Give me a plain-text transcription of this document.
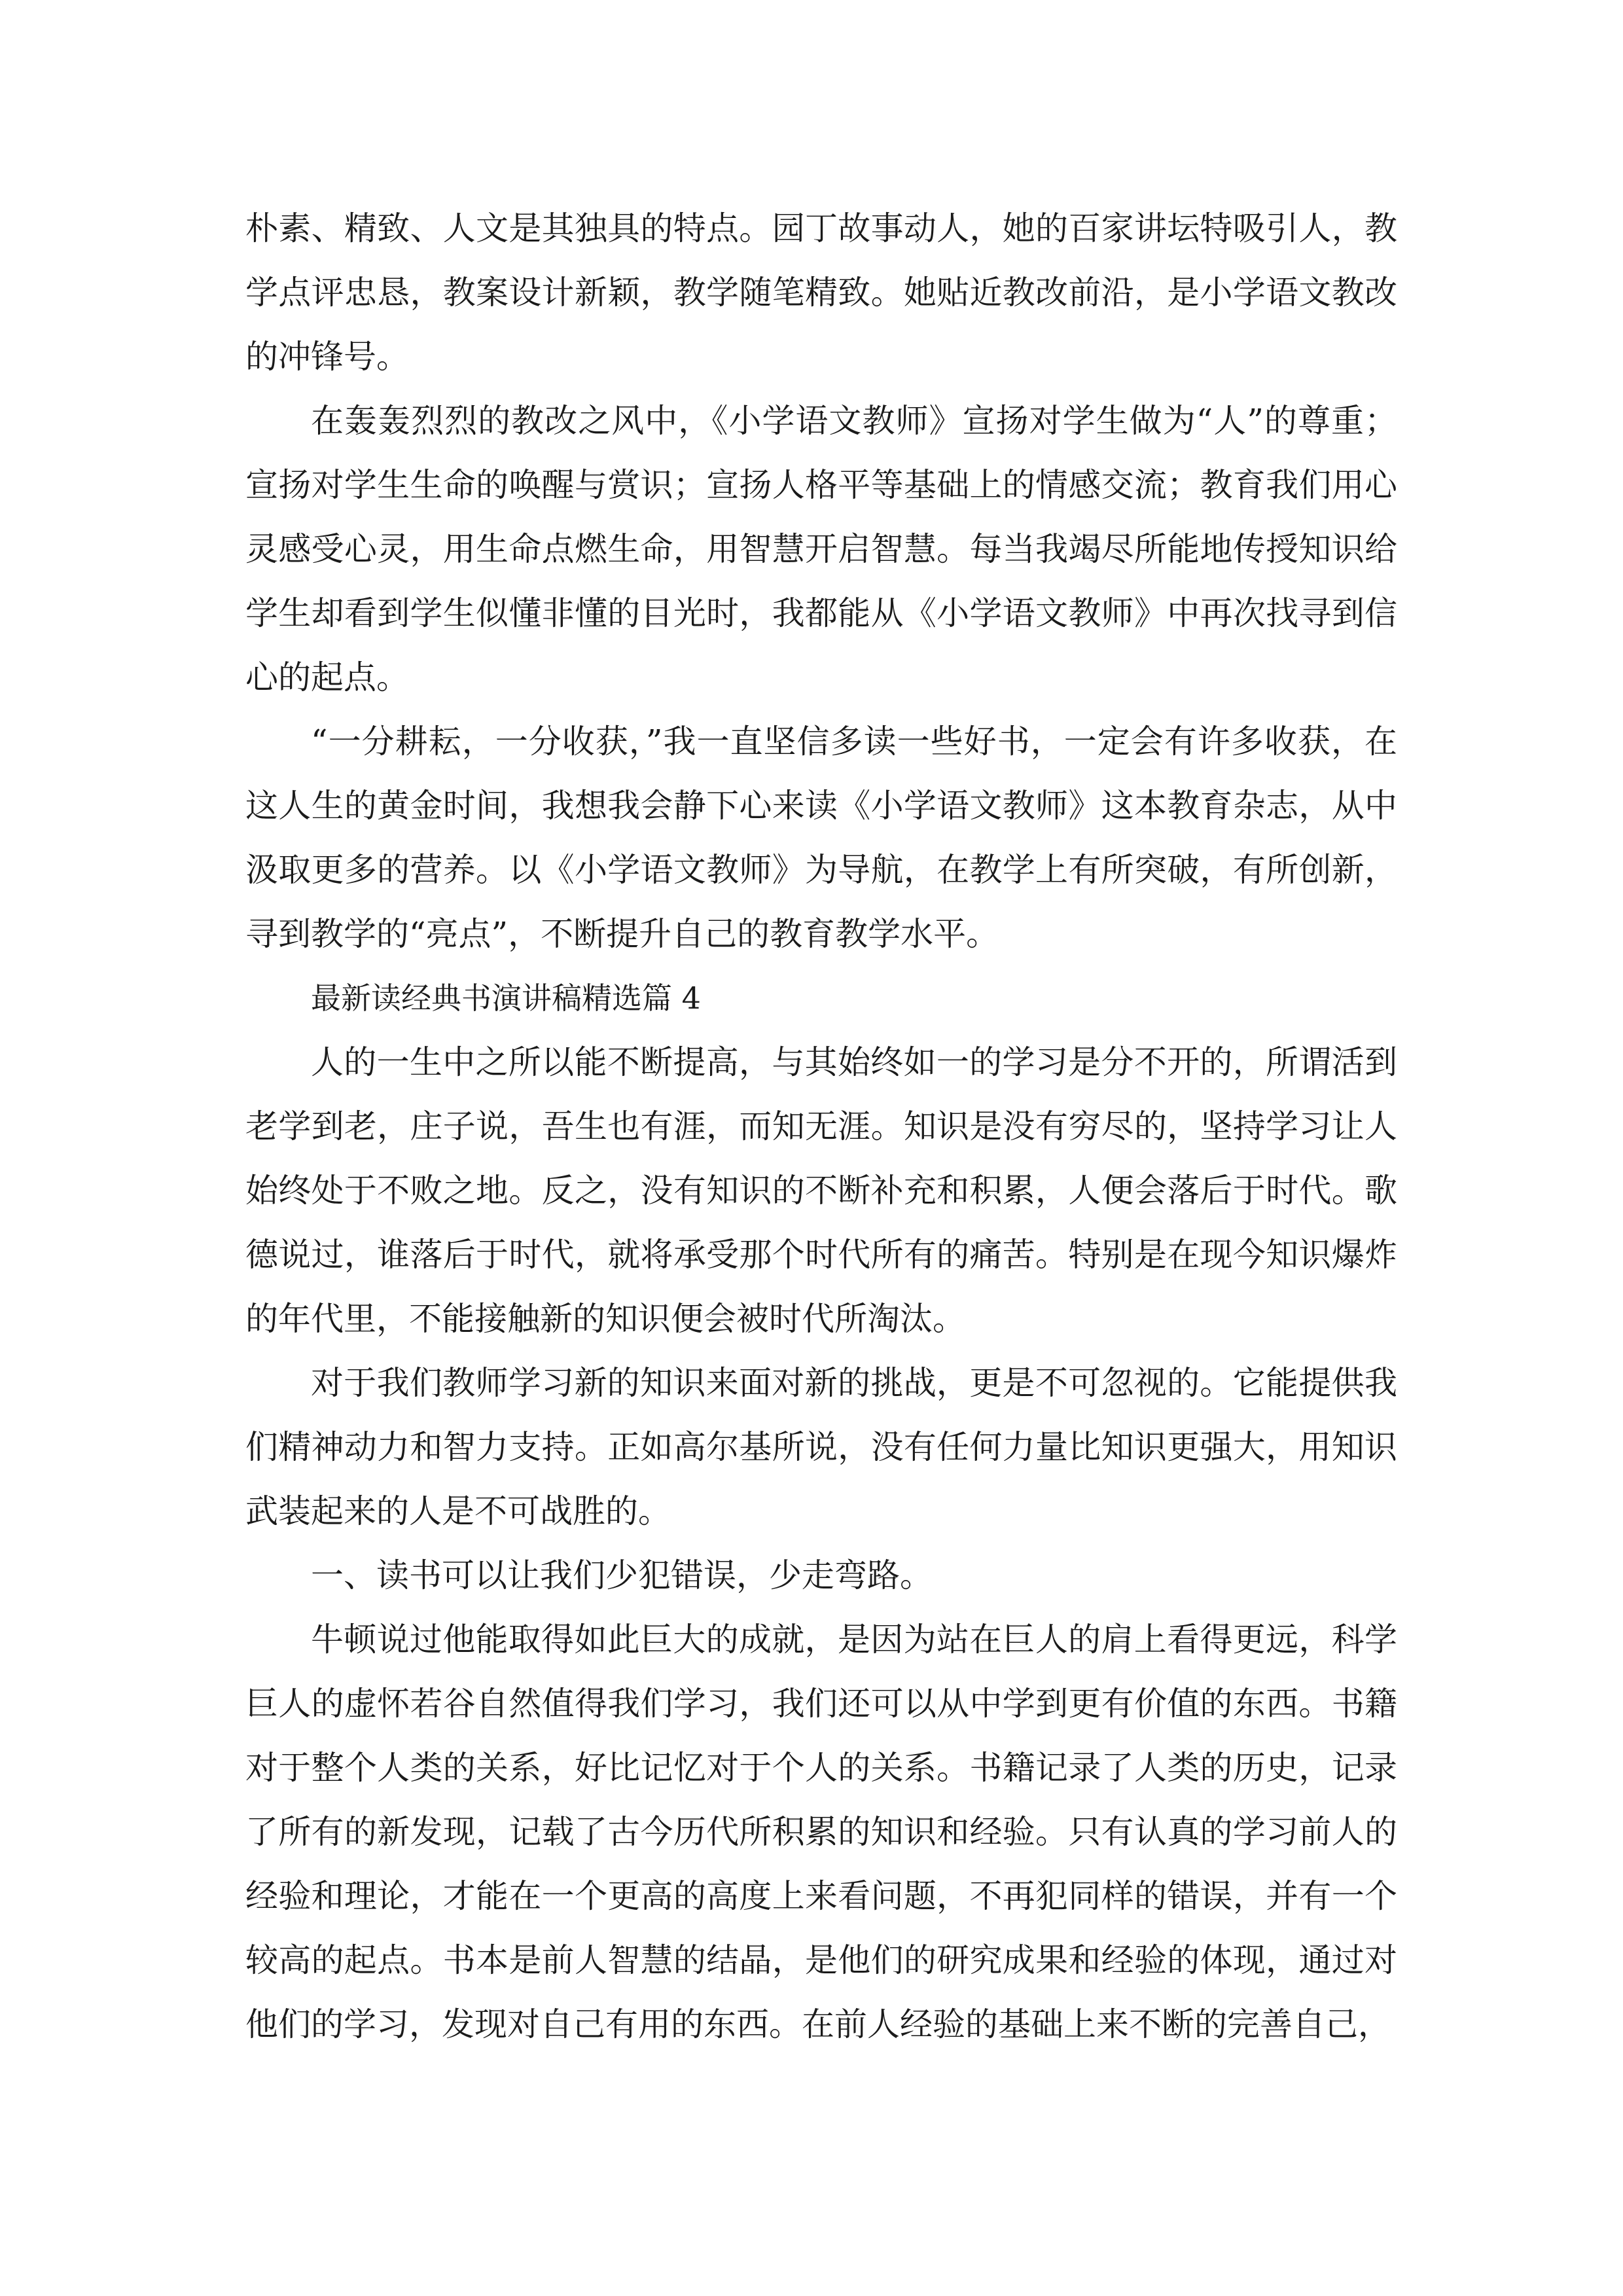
朴素、精致、人文是其独具的特点。园丁故事动人，她的百家讲坛特吸引人，教学点评忠恳，教案设计新颖，教学随笔精致。她贴近教改前沿，是小学语文教改的冲锋号。

在轰轰烈烈的教改之风中，《小学语文教师》宣扬对学生做为“人”的尊重；宣扬对学生生命的唤醒与赏识；宣扬人格平等基础上的情感交流；教育我们用心灵感受心灵，用生命点燃生命，用智慧开启智慧。每当我竭尽所能地传授知识给学生却看到学生似懂非懂的目光时，我都能从《小学语文教师》中再次找寻到信心的起点。

“一分耕耘，一分收获，”我一直坚信多读一些好书，一定会有许多收获，在这人生的黄金时间，我想我会静下心来读《小学语文教师》这本教育杂志，从中汲取更多的营养。以《小学语文教师》为导航，在教学上有所突破，有所创新，寻到教学的“亮点”，不断提升自己的教育教学水平。

最新读经典书演讲稿精选篇 4

人的一生中之所以能不断提高，与其始终如一的学习是分不开的，所谓活到老学到老，庄子说，吾生也有涯，而知无涯。知识是没有穷尽的，坚持学习让人始终处于不败之地。反之，没有知识的不断补充和积累，人便会落后于时代。歌德说过，谁落后于时代，就将承受那个时代所有的痛苦。特别是在现今知识爆炸的年代里，不能接触新的知识便会被时代所淘汰。

对于我们教师学习新的知识来面对新的挑战，更是不可忽视的。它能提供我们精神动力和智力支持。正如高尔基所说，没有任何力量比知识更强大，用知识武装起来的人是不可战胜的。

一、读书可以让我们少犯错误，少走弯路。

牛顿说过他能取得如此巨大的成就，是因为站在巨人的肩上看得更远，科学巨人的虚怀若谷自然值得我们学习，我们还可以从中学到更有价值的东西。书籍对于整个人类的关系，好比记忆对于个人的关系。书籍记录了人类的历史，记录了所有的新发现，记载了古今历代所积累的知识和经验。只有认真的学习前人的经验和理论，才能在一个更高的高度上来看问题，不再犯同样的错误，并有一个较高的起点。书本是前人智慧的结晶，是他们的研究成果和经验的体现，通过对他们的学习，发现对自己有用的东西。在前人经验的基础上来不断的完善自己，
